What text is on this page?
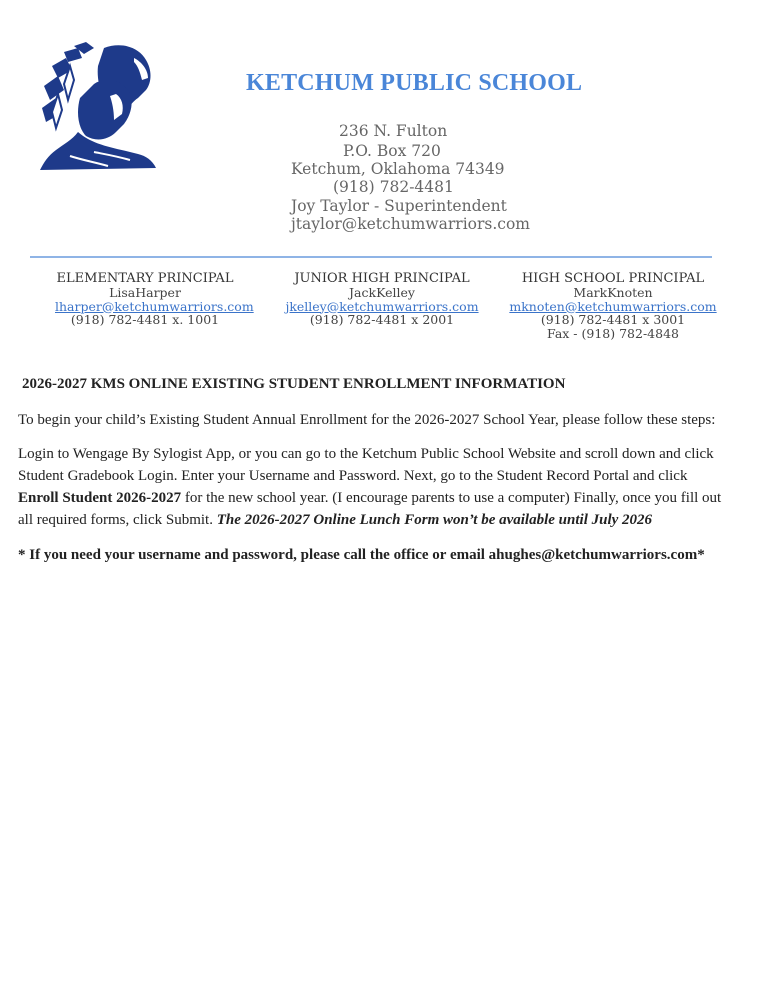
KETCHUM PUBLIC SCHOOL
236 N. Fulton
P.O. Box 720
Ketchum, Oklahoma 74349
(918) 782-4481
Joy Taylor - Superintendent
jtaylor@ketchumwarriors.com
ELEMENTARY PRINCIPAL
LisaHarper
lharper@ketchumwarriors.com
(918) 782-4481 x. 1001
JUNIOR HIGH PRINCIPAL
JackKelley
jkelley@ketchumwarriors.com
(918) 782-4481 x 2001
HIGH SCHOOL PRINCIPAL
MarkKnoten
mknoten@ketchumwarriors.com
(918) 782-4481 x 3001
Fax - (918) 782-4848
2026-2027 KMS ONLINE EXISTING STUDENT ENROLLMENT INFORMATION
To begin your child’s Existing Student Annual Enrollment for the 2026-2027 School Year, please follow these steps:
Login to Wengage By Sylogist App, or you can go to the Ketchum Public School Website and scroll down and click Student Gradebook Login. Enter your Username and Password. Next, go to the Student Record Portal and click Enroll Student 2026-2027 for the new school year. (I encourage parents to use a computer) Finally, once you fill out all required forms, click Submit. The 2026-2027 Online Lunch Form won’t be available until July 2026
* If you need your username and password, please call the office or email ahughes@ketchumwarriors.com*
